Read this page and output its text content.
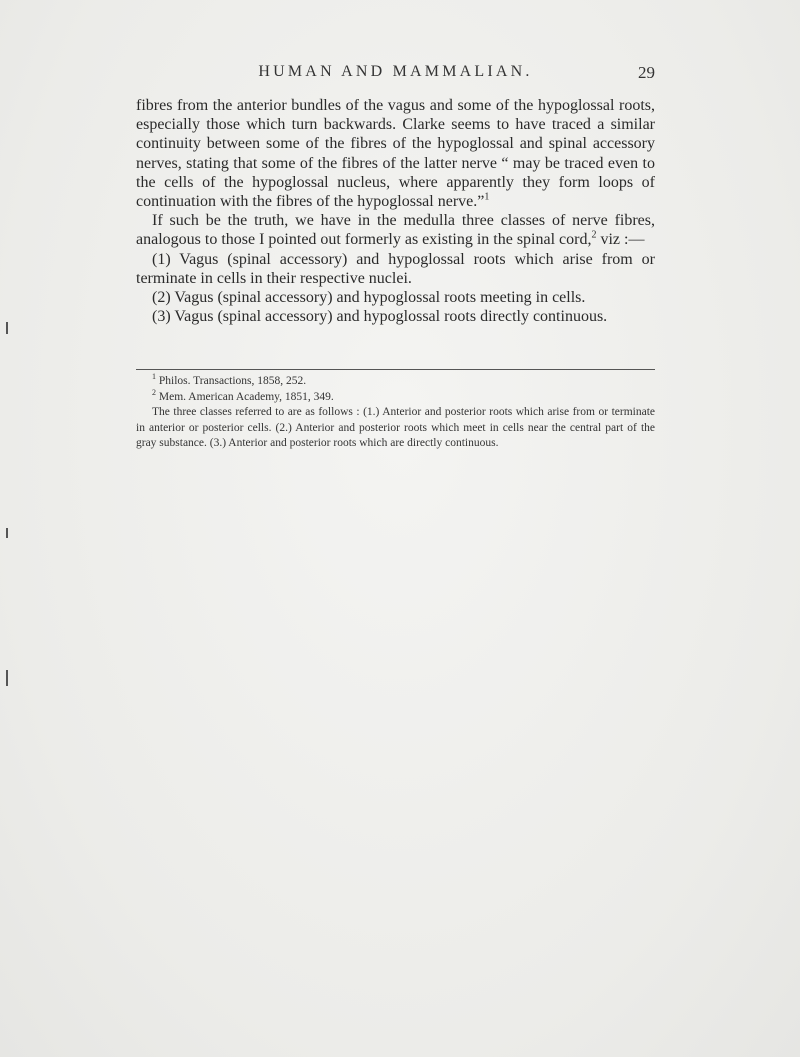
HUMAN AND MAMMALIAN.	29

fibres from the anterior bundles of the vagus and some of the hypoglossal roots, especially those which turn backwards. Clarke seems to have traced a similar continuity between some of the fibres of the hypoglossal and spinal accessory nerves, stating that some of the fibres of the latter nerve “ may be traced even to the cells of the hypoglossal nucleus, where apparently they form loops of continuation with the fibres of the hypoglossal nerve.”$^1$

If such be the truth, we have in the medulla three classes of nerve fibres, analogous to those I pointed out formerly as existing in the spinal cord,$^2$ viz :—

(1) Vagus (spinal accessory) and hypoglossal roots which arise from or terminate in cells in their respective nuclei.

(2) Vagus (spinal accessory) and hypoglossal roots meeting in cells.

(3) Vagus (spinal accessory) and hypoglossal roots directly continuous.

$^1$ Philos. Transactions, 1858, 252.

$^2$ Mem. American Academy, 1851, 349.

The three classes referred to are as follows : (1.) Anterior and posterior roots which arise from or terminate in anterior or posterior cells. (2.) Anterior and posterior roots which meet in cells near the central part of the gray substance. (3.) Anterior and posterior roots which are directly continuous.
